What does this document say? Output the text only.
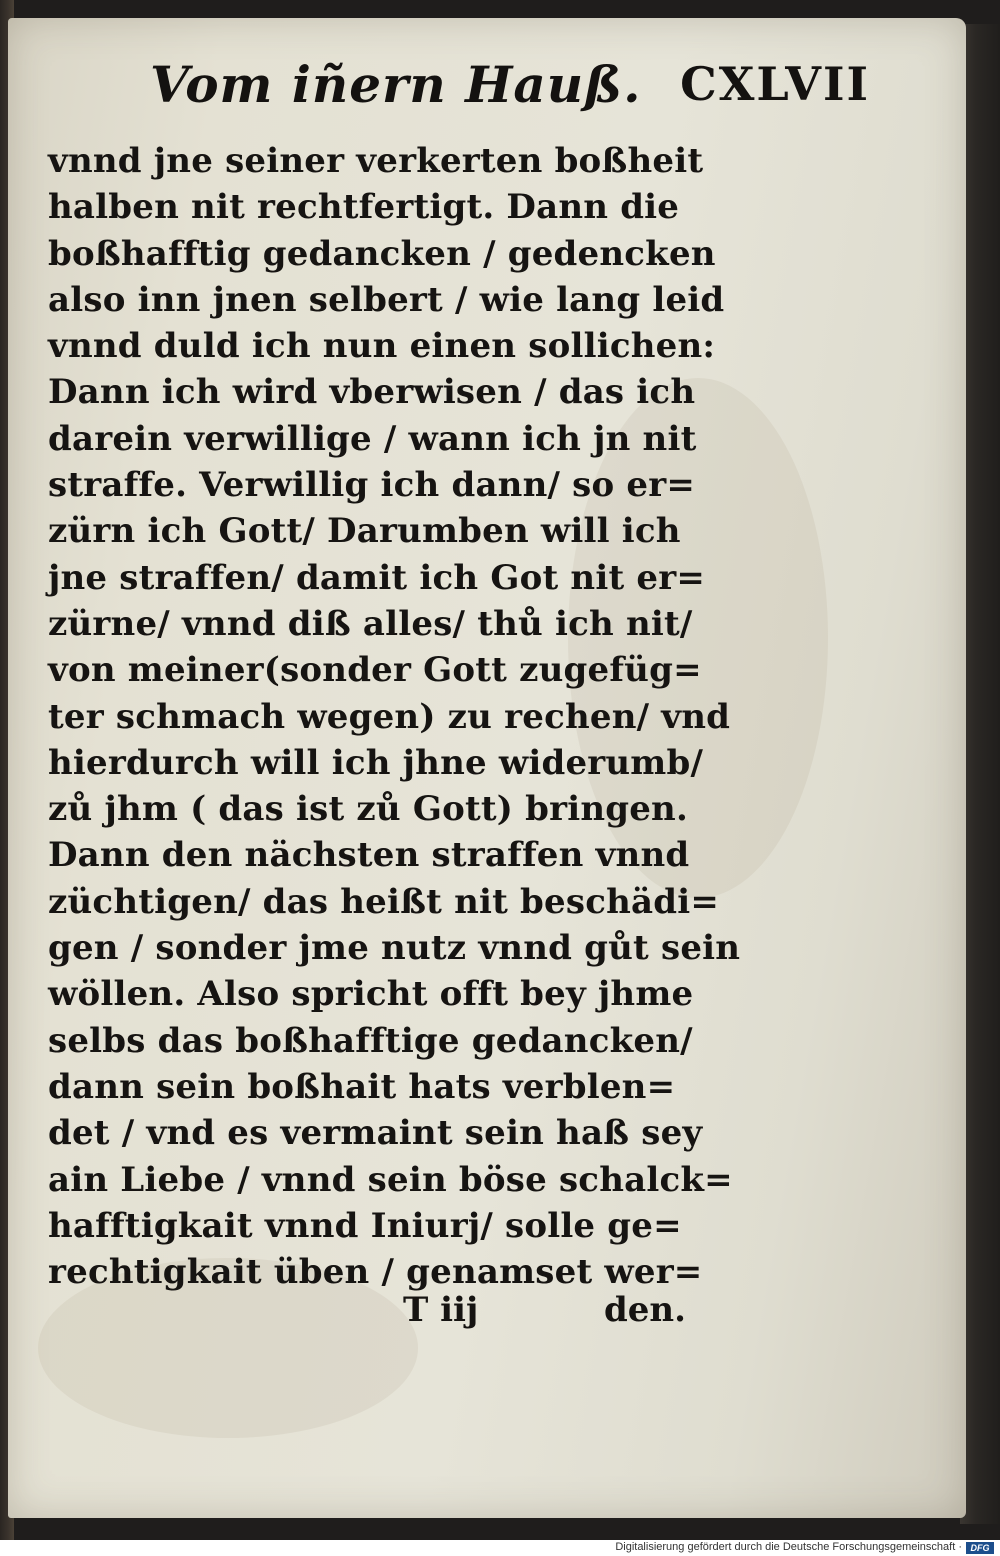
Vom iñern Hauß. CXLVII
vnnd jne seiner verkerten boßheit
halben nit rechtfertigt. Dann die
boßhafftig gedancken / gedencken
also inn jnen selbert / wie lang leid
vnnd duld ich nun einen sollichen:
Dann ich wird vberwisen / das ich
darein verwillige / wann ich jn nit
straffe. Verwillig ich dann/ so er=
zürn ich Gott/ Darumben will ich
jne straffen/ damit ich Got nit er=
zürne/ vnnd diß alles/ thů ich nit/
von meiner(sonder Gott zugefüg=
ter schmach wegen) zu rechen/ vnd
hierdurch will ich jhne widerumb/
zů jhm ( das ist zů Gott) bringen.
Dann den nächsten straffen vnnd
züchtigen/ das heißt nit beschädi=
gen / sonder jme nutz vnnd gůt sein
wöllen. Also spricht offt bey jhme
selbs das boßhafftige gedancken/
dann sein boßhait hats verblen=
det / vnd es vermaint sein haß sey
ain Liebe / vnnd sein böse schalck=
hafftigkait vnnd Iniurj/ solle ge=
rechtigkait üben / genamset wer=
T iij	den.
Digitalisierung gefördert durch die Deutsche Forschungsgemeinschaft · DFG
